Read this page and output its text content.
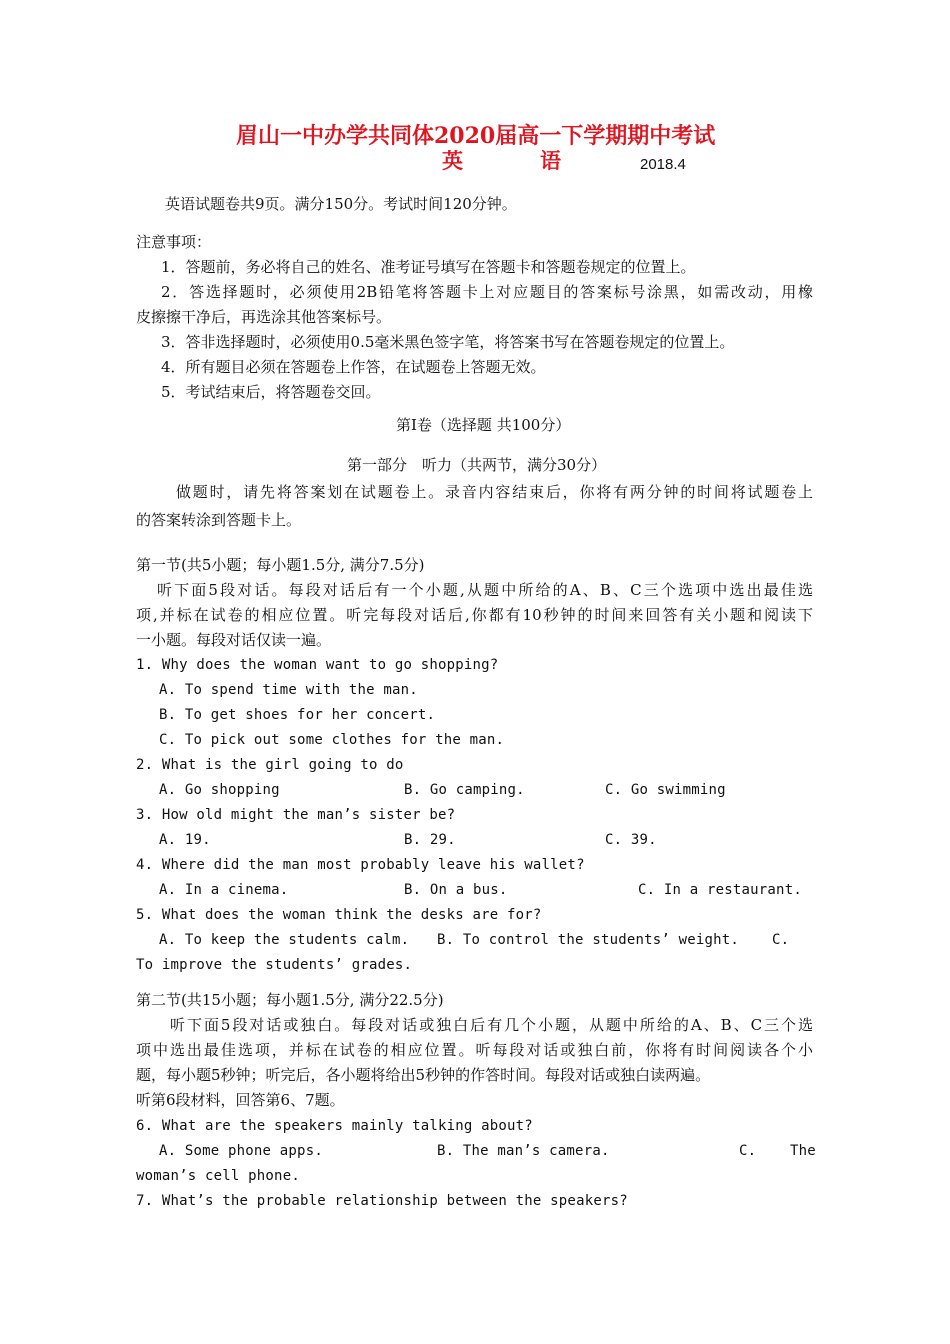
眉山一中办学共同体2020届高一下学期期中考试
英	语	2018.4
英语试题卷共9页。满分150分。考试时间120分钟。
注意事项：
1．答题前，务必将自己的姓名、准考证号填写在答题卡和答题卷规定的位置上。
2．答选择题时，必须使用2B铅笔将答题卡上对应题目的答案标号涂黑，如需改动，用橡
皮擦擦干净后，再选涂其他答案标号。
3．答非选择题时，必须使用0.5毫米黑色签字笔，将答案书写在答题卷规定的位置上。
4．所有题目必须在答题卷上作答，在试题卷上答题无效。
5．考试结束后，将答题卷交回。
第Ⅰ卷（选择题 共100分）
第一部分　听力（共两节，满分30分）
做题时，请先将答案划在试题卷上。录音内容结束后，你将有两分钟的时间将试题卷上
的答案转涂到答题卡上。
第一节(共5小题；每小题1.5分, 满分7.5分)
听下面5段对话。每段对话后有一个小题,从题中所给的A、B、C三个选项中选出最佳选
项,并标在试卷的相应位置。听完每段对话后,你都有10秒钟的时间来回答有关小题和阅读下
一小题。每段对话仅读一遍。
1. Why does the woman want to go shopping?
A. To spend time with the man.
B. To get shoes for her concert.
C. To pick out some clothes for the man.
2. What is the girl going to do
A. Go shopping	B. Go camping.	C. Go swimming
3. How old might the man’s sister be?
A. 19.	B. 29.	C. 39.
4. Where did the man most probably leave his wallet?
A. In a cinema.	B. On a bus.	C. In a restaurant.
5. What does the woman think the desks are for?
A. To keep the students calm. B. To control the students’ weight. C.
To improve the students’ grades.
第二节(共15小题；每小题1.5分, 满分22.5分)
听下面5段对话或独白。每段对话或独白后有几个小题，从题中所给的A、B、C三个选
项中选出最佳选项，并标在试卷的相应位置。听每段对话或独白前，你将有时间阅读各个小
题，每小题5秒钟；听完后，各小题将给出5秒钟的作答时间。每段对话或独白读两遍。
听第6段材料，回答第6、7题。
6. What are the speakers mainly talking about?
A. Some phone apps.	B. The man’s camera.	C. The
woman’s cell phone.
7. What’s the probable relationship between the speakers?
